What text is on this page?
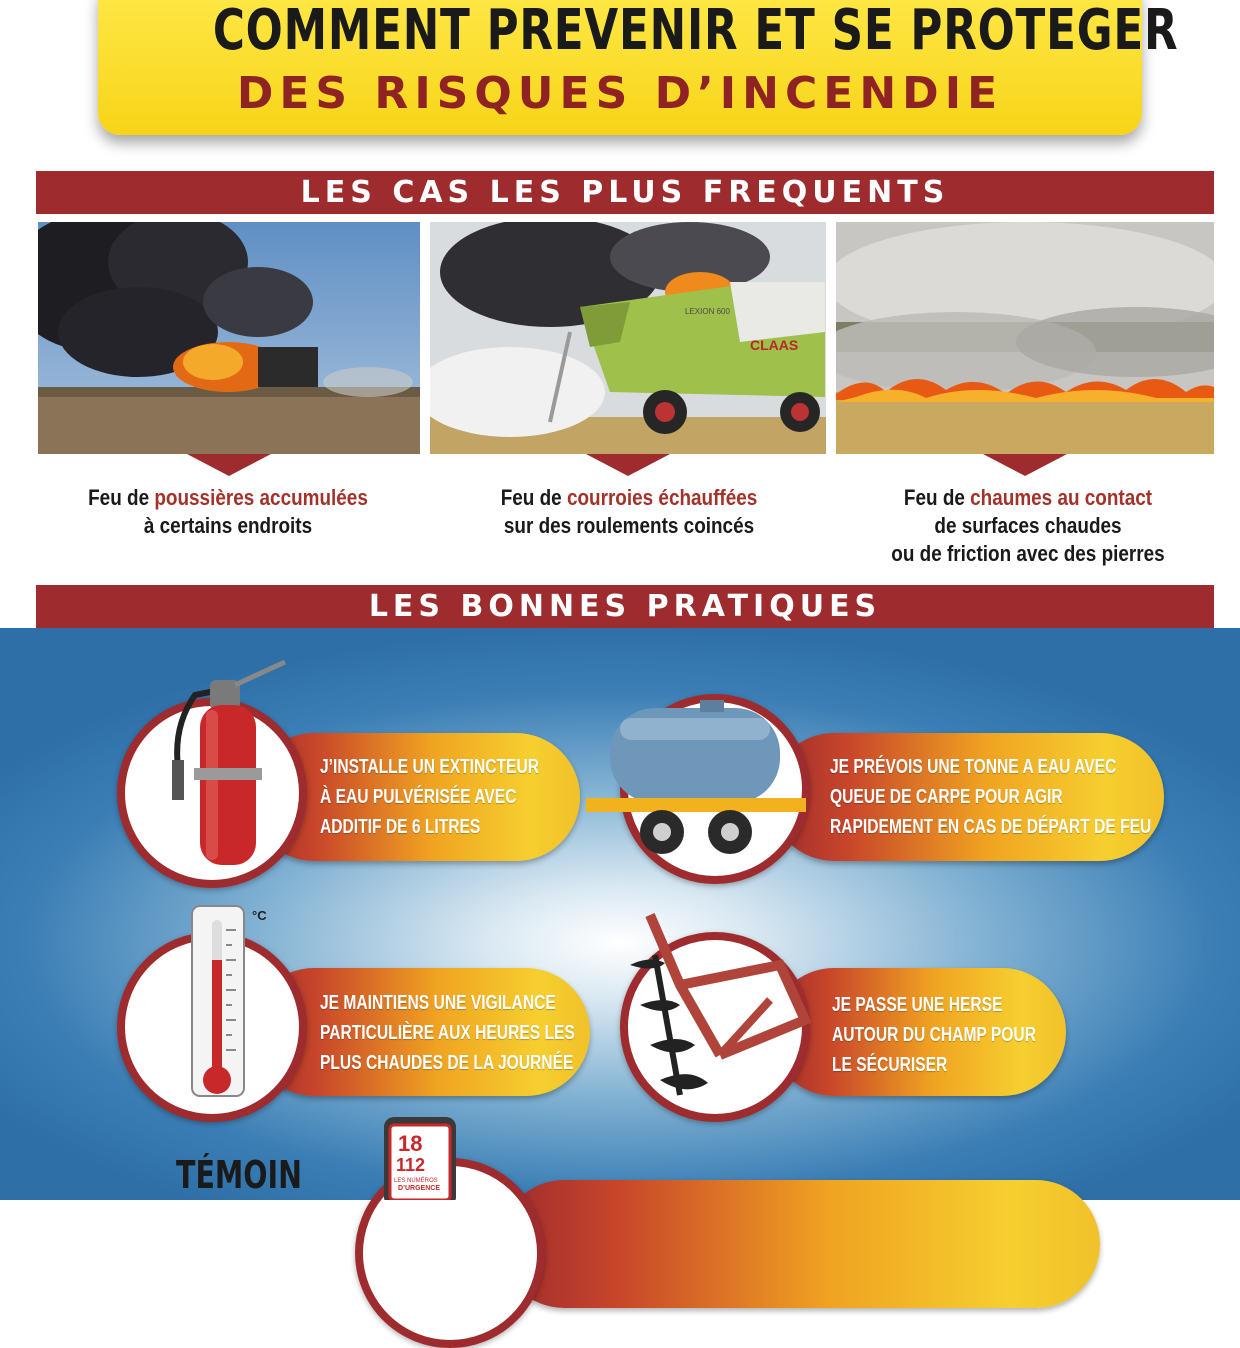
COMMENT PREVENIR ET SE PROTEGER
DES RISQUES D’INCENDIE
LES CAS LES PLUS FREQUENTS
CLAAS
LEXION 600
Feu de poussières accumulées
à certains endroits
Feu de courroies échauffées
sur des roulements coincés
Feu de chaumes au contact
de surfaces chaudes
ou de friction avec des pierres
LES BONNES PRATIQUES
J’INSTALLE UN EXTINCTEUR
À EAU PULVÉRISÉE AVEC
ADDITIF DE 6 LITRES
JE PRÉVOIS UNE TONNE A EAU AVEC
QUEUE DE CARPE POUR AGIR
RAPIDEMENT EN CAS DE DÉPART DE FEU
JE MAINTIENS UNE VIGILANCE
PARTICULIÈRE AUX HEURES LES
PLUS CHAUDES DE LA JOURNÉE
°C
JE PASSE UNE HERSE
AUTOUR DU CHAMP POUR
LE SÉCURISER
TÉMOIN
18
112
LES NUMÉROS
D’URGENCE
